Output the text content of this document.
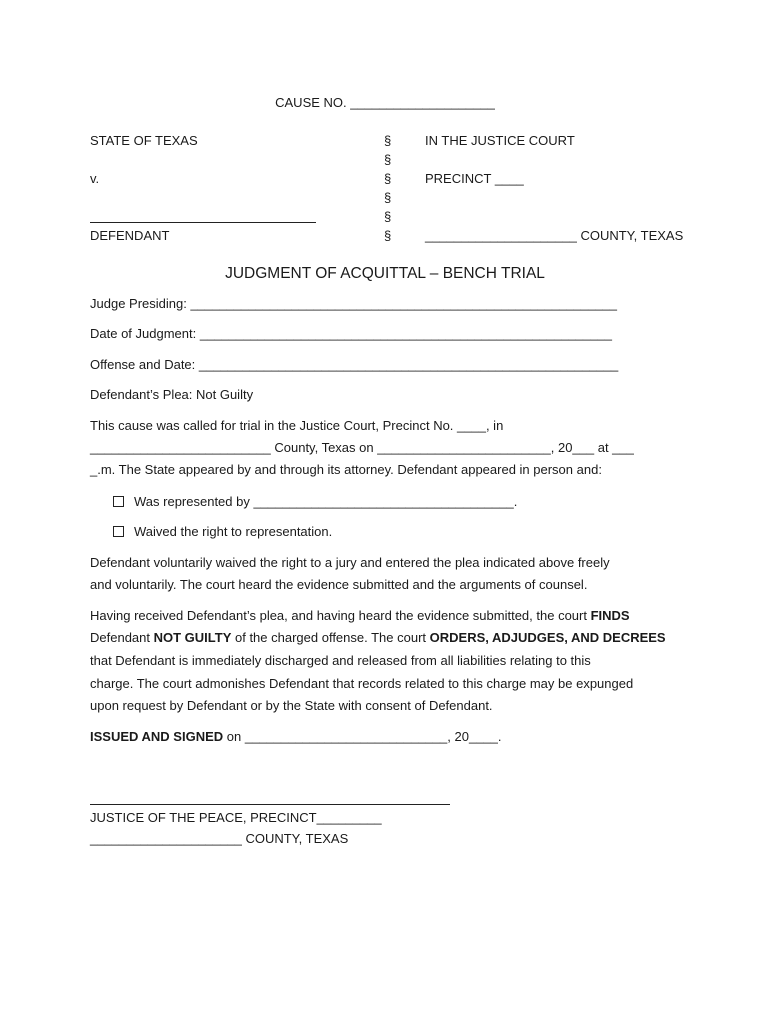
CAUSE NO. ____________________
STATE OF TEXAS
v.
DEFENDANT
§
§
§
§
§
§
IN THE JUSTICE COURT
PRECINCT ____
_____________________ COUNTY, TEXAS
JUDGMENT OF ACQUITTAL – BENCH TRIAL
Judge Presiding: ___________________________________________________________
Date of Judgment: _________________________________________________________
Offense and Date: __________________________________________________________
Defendant’s Plea: Not Guilty
This cause was called for trial in the Justice Court, Precinct No. ____, in
_________________________ County, Texas on ________________________, 20___ at ___
_.m. The State appeared by and through its attorney. Defendant appeared in person and:
Was represented by ____________________________________.
Waived the right to representation.
Defendant voluntarily waived the right to a jury and entered the plea indicated above freely
and voluntarily. The court heard the evidence submitted and the arguments of counsel.
Having received Defendant’s plea, and having heard the evidence submitted, the court FINDS
Defendant NOT GUILTY of the charged offense. The court ORDERS, ADJUDGES, AND DECREES
that Defendant is immediately discharged and released from all liabilities relating to this
charge. The court admonishes Defendant that records related to this charge may be expunged
upon request by Defendant or by the State with consent of Defendant.
ISSUED AND SIGNED on ____________________________, 20____.
JUSTICE OF THE PEACE, PRECINCT_________
_____________________ COUNTY, TEXAS
